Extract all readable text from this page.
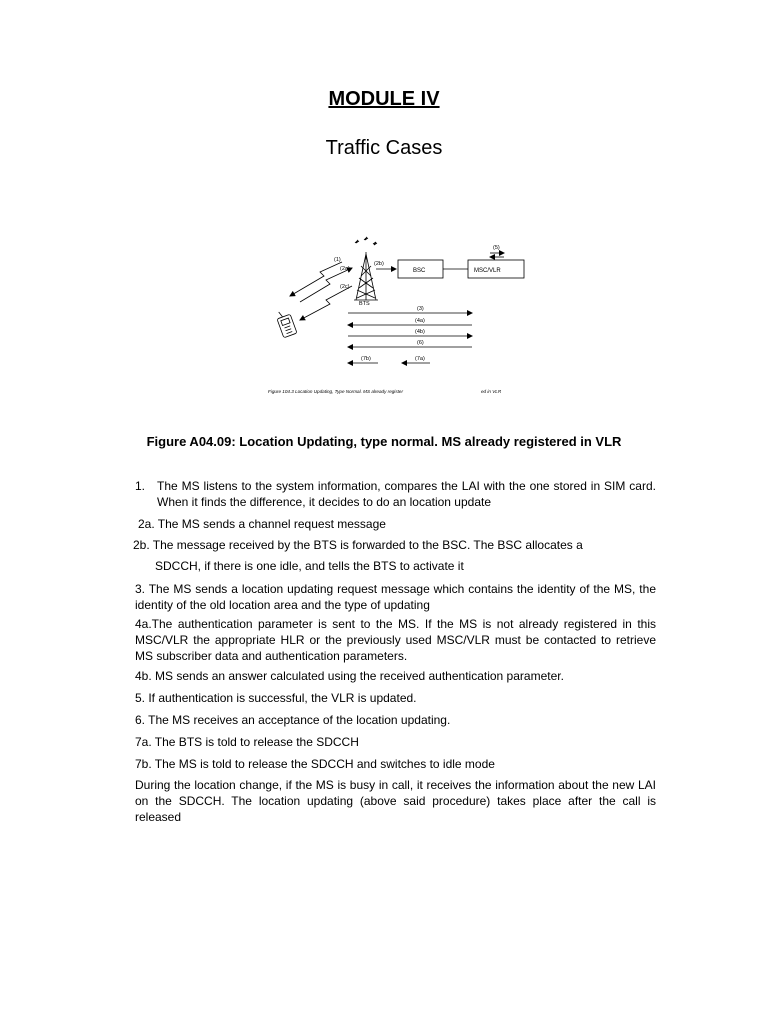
MODULE IV
Traffic Cases
BTS
(2b)
BSC	MSC/VLR
(5)
(1)
(2a)
(2c)
(3)
(4a)
(4b)
(6)
(7b)	(7a)
Figure 104.3 Location Updating, Type Normal. MS already register	ed in VLR
Figure A04.09: Location Updating, type normal. MS already registered in VLR
1. The MS listens to the system information, compares the LAI with the one stored in SIM card. When it finds the difference, it decides to do an location update
2a. The MS sends a channel request message
2b. The message received by the BTS is forwarded to the BSC. The BSC allocates a
SDCCH, if there is one idle, and tells the BTS to activate it
3. The MS sends a location updating request message which contains the identity of the MS, the identity of the old location area and the type of updating
4a.The authentication parameter is sent to the MS. If the MS is not already registered in this MSC/VLR the appropriate HLR or the previously used MSC/VLR must be contacted to retrieve MS subscriber data and authentication parameters.
4b. MS sends an answer calculated using the received authentication parameter.
5. If authentication is successful, the VLR is updated.
6. The MS receives an acceptance of the location updating.
7a. The BTS is told to release the SDCCH
7b. The MS is told to release the SDCCH and switches to idle mode
During the location change, if the MS is busy in call, it receives the information about the new LAI on the SDCCH. The location updating (above said procedure) takes place after the call is released
